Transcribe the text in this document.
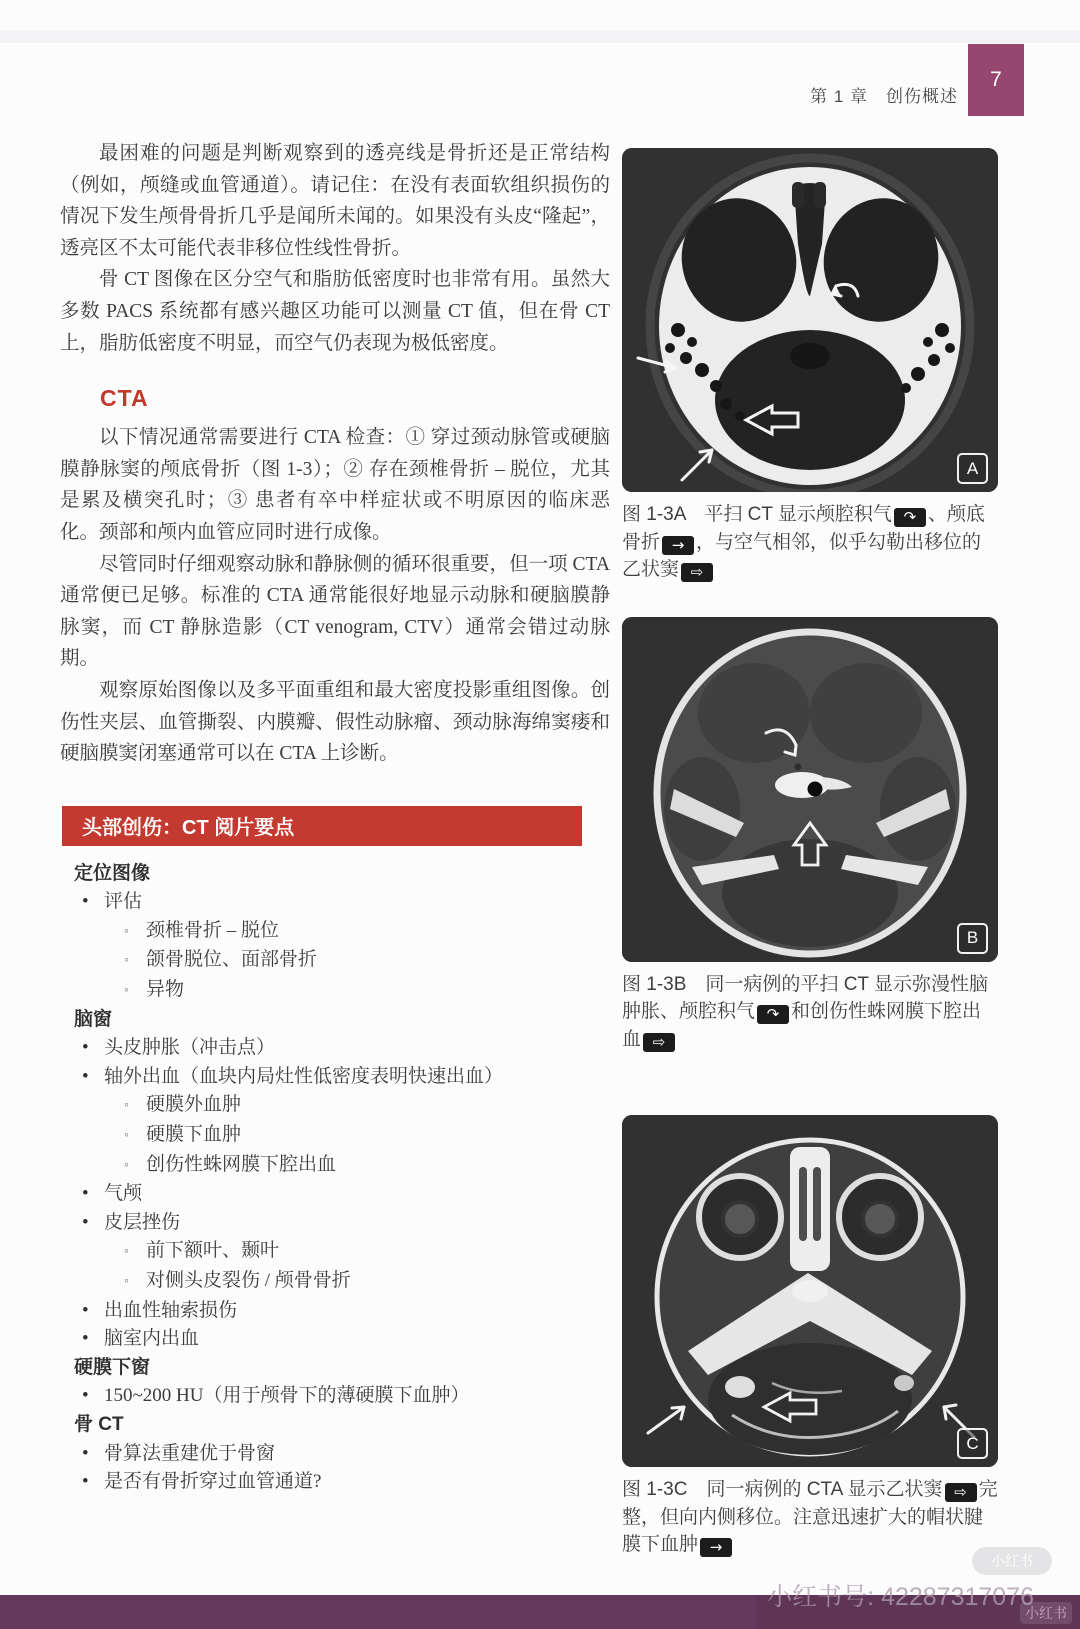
第 1 章　创伤概述
7

最困难的问题是判断观察到的透亮线是骨折还是正常结构（例如，颅缝或血管通道）。请记住：在没有表面软组织损伤的情况下发生颅骨骨折几乎是闻所未闻的。如果没有头皮“隆起”，透亮区不太可能代表非移位性线性骨折。

骨 CT 图像在区分空气和脂肪低密度时也非常有用。虽然大多数 PACS 系统都有感兴趣区功能可以测量 CT 值，但在骨 CT 上，脂肪低密度不明显，而空气仍表现为极低密度。

CTA

以下情况通常需要进行 CTA 检查：① 穿过颈动脉管或硬脑膜静脉窦的颅底骨折（图 1-3）；② 存在颈椎骨折 – 脱位，尤其是累及横突孔时；③ 患者有卒中样症状或不明原因的临床恶化。颈部和颅内血管应同时进行成像。

尽管同时仔细观察动脉和静脉侧的循环很重要，但一项 CTA 通常便已足够。标准的 CTA 通常能很好地显示动脉和硬脑膜静脉窦，而 CT 静脉造影（CT venogram, CTV）通常会错过动脉期。

观察原始图像以及多平面重组和最大密度投影重组图像。创伤性夹层、血管撕裂、内膜瓣、假性动脉瘤、颈动脉海绵窦瘘和硬脑膜窦闭塞通常可以在 CTA 上诊断。

头部创伤：CT 阅片要点
定位图像
• 评估
◦ 颈椎骨折 – 脱位
◦ 颌骨脱位、面部骨折
◦ 异物
脑窗
• 头皮肿胀（冲击点）
• 轴外出血（血块内局灶性低密度表明快速出血）
◦ 硬膜外血肿
◦ 硬膜下血肿
◦ 创伤性蛛网膜下腔出血
• 气颅
• 皮层挫伤
◦ 前下额叶、颞叶
◦ 对侧头皮裂伤 / 颅骨骨折
• 出血性轴索损伤
• 脑室内出血
硬膜下窗
• 150~200 HU（用于颅骨下的薄硬膜下血肿）
骨 CT
• 骨算法重建优于骨窗
• 是否有骨折穿过血管通道?
A
图 1-3A　平扫 CT 显示颅腔积气 ↷ 、颅底骨折 → ，与空气相邻，似乎勾勒出移位的乙状窦 ⇨
B
图 1-3B　同一病例的平扫 CT 显示弥漫性脑肿胀、颅腔积气 ↷ 和创伤性蛛网膜下腔出血 ⇨
C
图 1-3C　同一病例的 CTA 显示乙状窦 ⇨ 完整，但向内侧移位。注意迅速扩大的帽状腱膜下血肿 →
小红书
小红书号: 42287317076
小红书
